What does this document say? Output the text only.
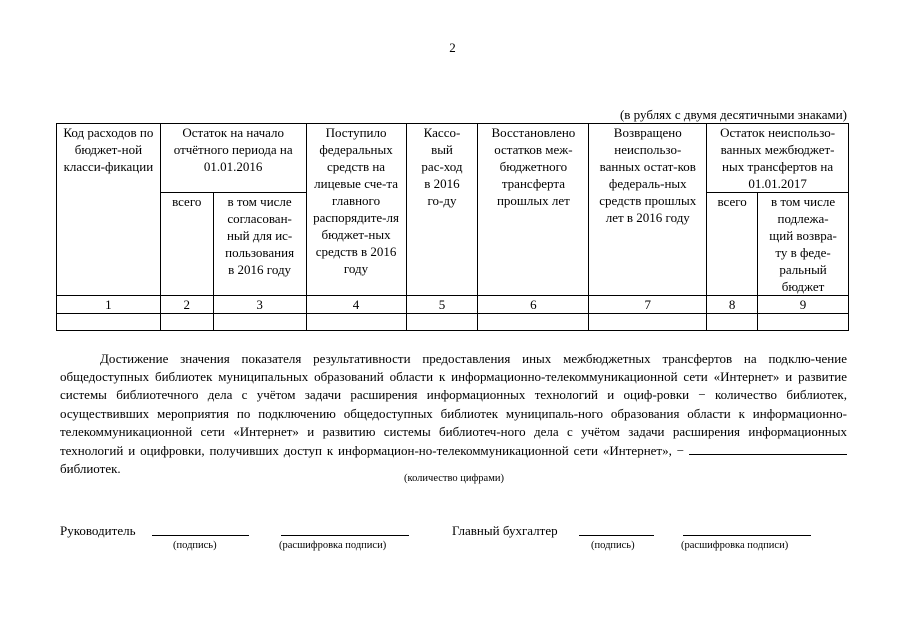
2
(в рублях с двумя десятичными знаками)
Код расходов по бюджет-ной класси-фикации	Остаток на начало отчётного периода на 01.01.2016		Поступило федеральных средств на лицевые сче-та главного распорядите-ля бюджет-ных средств в 2016 году	Кассо-вый рас-ход в 2016 го-ду	Восстановлено остатков меж-бюджетного трансферта прошлых лет	Возвращено неиспользо-ванных остат-ков федераль-ных средств прошлых лет в 2016 году	Остаток неиспользо-ванных межбюджет-ных трансфертов на 01.01.2017	
	всего	в том числе согласован-ный для ис-пользования в 2016 году					всего	в том числе подлежа-щий возвра-ту в феде-ральный бюджет
1	2	3	4	5	6	7	8	9

Достижение значения показателя результативности предоставления иных межбюджетных трансфертов на подклю-чение общедоступных библиотек муниципальных образований области к информационно-телекоммуникационной сети «Интернет» и развитие системы библиотечного дела с учётом задачи расширения информационных технологий и оциф-ровки − количество библиотек, осуществивших мероприятия по подключению общедоступных библиотек муниципаль-ного образования области к информационно-телекоммуникационной сети «Интернет» и развитию системы библиотеч-ного дела с учётом задачи расширения информационных технологий и оцифровки, получивших доступ к информацион-но-телекоммуникационной сети «Интернет», −  библиотек.

(количество цифрами)
Руководитель
(подпись)	(расшифровка подписи)
Главный бухгалтер
(подпись)	(расшифровка подписи)
